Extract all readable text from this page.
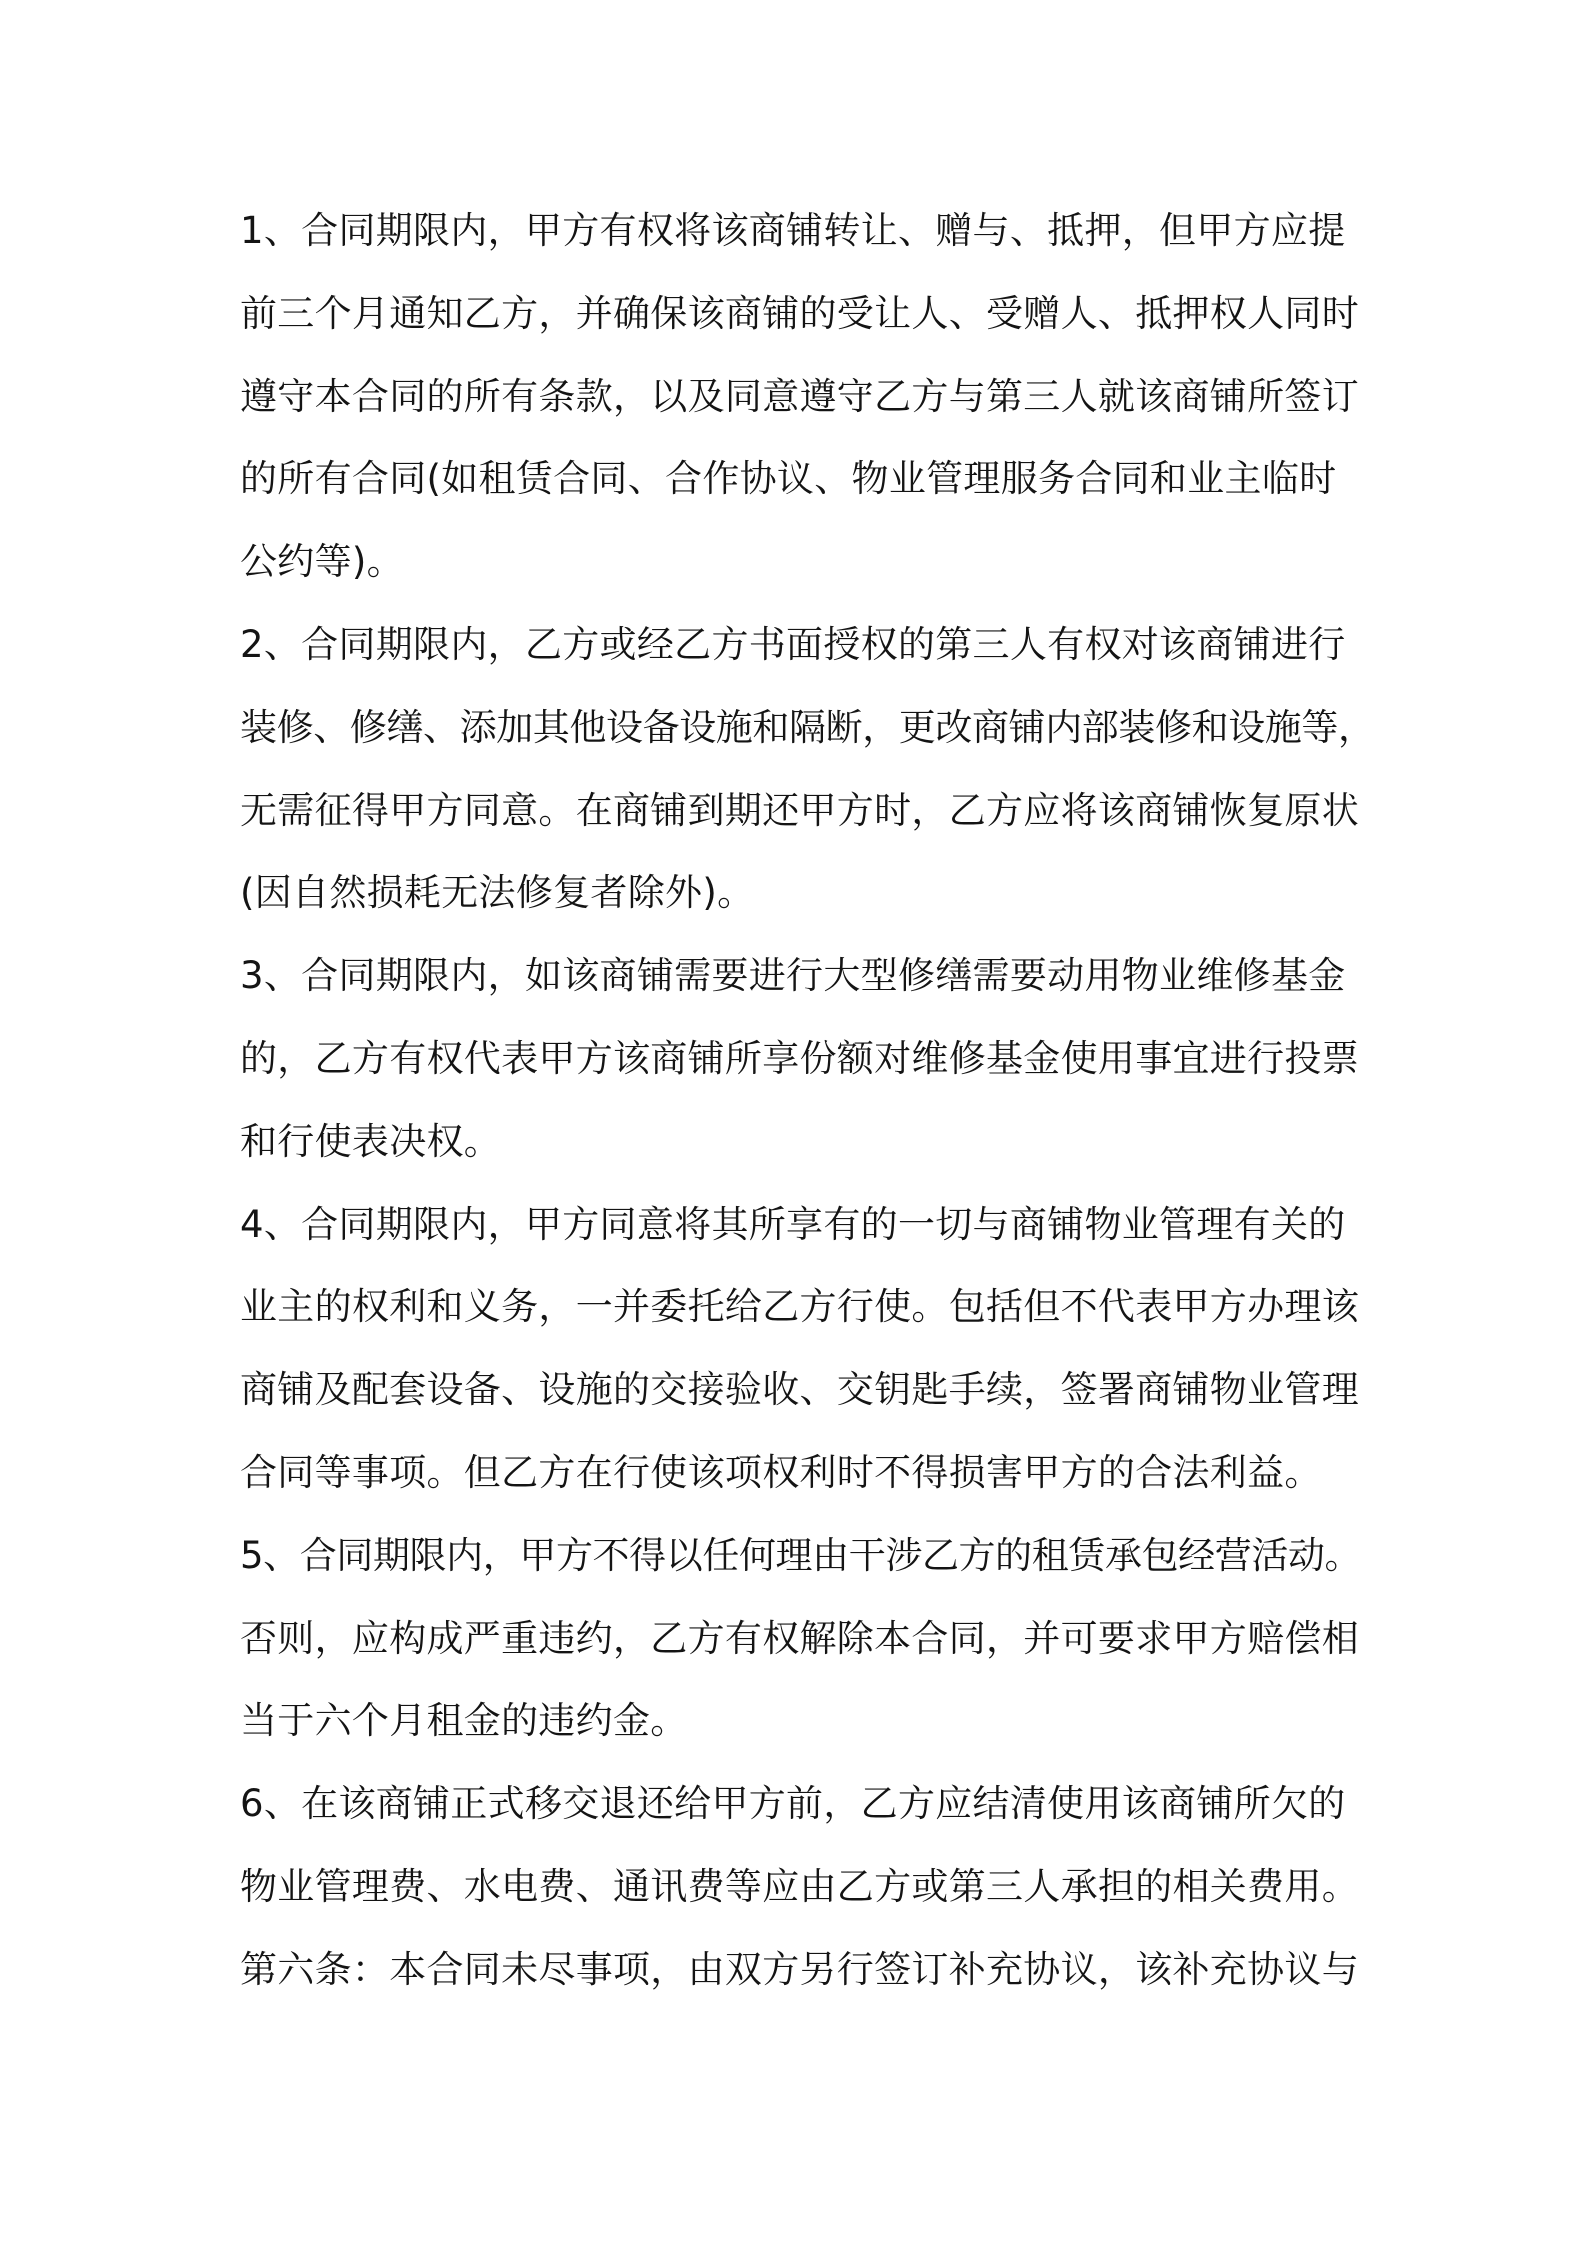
1、合同期限内，甲方有权将该商铺转让、赠与、抵押，但甲方应提
前三个月通知乙方，并确保该商铺的受让人、受赠人、抵押权人同时
遵守本合同的所有条款，以及同意遵守乙方与第三人就该商铺所签订
的所有合同(如租赁合同、合作协议、物业管理服务合同和业主临时
公约等)。
2、合同期限内，乙方或经乙方书面授权的第三人有权对该商铺进行
装修、修缮、添加其他设备设施和隔断，更改商铺内部装修和设施等，
无需征得甲方同意。在商铺到期还甲方时，乙方应将该商铺恢复原状
(因自然损耗无法修复者除外)。
3、合同期限内，如该商铺需要进行大型修缮需要动用物业维修基金
的，乙方有权代表甲方该商铺所享份额对维修基金使用事宜进行投票
和行使表决权。
4、合同期限内，甲方同意将其所享有的一切与商铺物业管理有关的
业主的权利和义务，一并委托给乙方行使。包括但不代表甲方办理该
商铺及配套设备、设施的交接验收、交钥匙手续，签署商铺物业管理
合同等事项。但乙方在行使该项权利时不得损害甲方的合法利益。
5、合同期限内，甲方不得以任何理由干涉乙方的租赁承包经营活动。
否则，应构成严重违约，乙方有权解除本合同，并可要求甲方赔偿相
当于六个月租金的违约金。
6、在该商铺正式移交退还给甲方前，乙方应结清使用该商铺所欠的
物业管理费、水电费、通讯费等应由乙方或第三人承担的相关费用。
第六条：本合同未尽事项，由双方另行签订补充协议，该补充协议与
